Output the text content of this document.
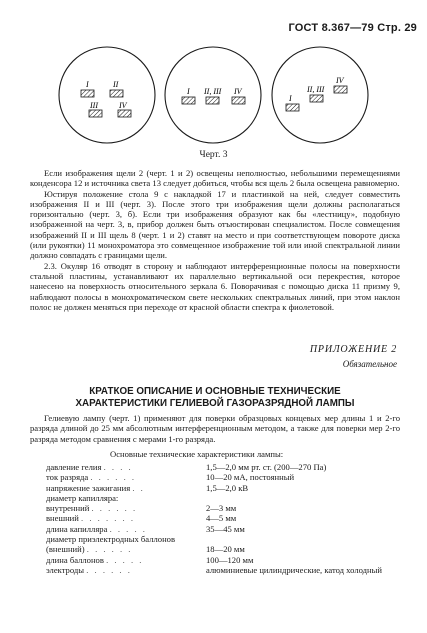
ГОСТ 8.367—79 Стр. 29
I	II
III	IV
I II, III IV
I
II, III
IV
Черт. 3

Если изображения щели 2 (черт. 1 и 2) освещены неполностью, небольшими перемещениями конденсора 12 и источника света 13 следует добиться, чтобы вся щель 2 была освещена равномерно.

Юстируя положение стола 9 с накладкой 17 и пластинкой на ней, следует совместить изображения II и III (черт. 3). После этого три изображения щели должны располагаться горизонтально (черт. 3, б). Если три изображения образуют как бы «лестницу», подобную изображенной на черт. 3, в, прибор должен быть отъюстирован специалистом. После совмещения изображений II и III щель 8 (черт. 1 и 2) ставят на место и при соответствующем повороте диска (или рукоятки) 11 монохроматора это совмещенное изображение той или иной спектральной линии должно совпадать с границами щели.

2.3. Окуляр 16 отводят в сторону и наблюдают интерференционные полосы на поверхности стальной пластины, устанавливают их параллельно вертикальной оси перекрестия, которое нанесено на поверхность относительного зеркала 6. Поворачивая с помощью диска 11 призму 9, наблюдают полосы в монохроматическом свете нескольких спектральных линий, при этом наклон полос не должен меняться при переходе от красной области спектра к фиолетовой.

ПРИЛОЖЕНИЕ 2
Обязательное
КРАТКОЕ ОПИСАНИЕ И ОСНОВНЫЕ ТЕХНИЧЕСКИЕ
ХАРАКТЕРИСТИКИ ГЕЛИЕВОЙ ГАЗОРАЗРЯДНОЙ ЛАМПЫ

Гелиевую лампу (черт. 1) применяют для поверки образцовых концевых мер длины 1 и 2-го разряда длиной до 25 мм абсолютным интерференционным методом, а также для поверки мер 2-го разряда методом сравнения с мерами 1-го разряда.

Основные технические характеристики лампы:
давление гелия . . . .	1,5—2,0 мм рт. ст. (200—270 Па)
ток разряда . . . . . .	10—20 мА, постоянный
напряжение зажигания . .	1,5—2,0 кВ
диаметр капилляра:	
внутренний . . . . . .	2—3 мм
внешний . . . . . . .	4—5 мм
длина капилляра . . . . .	35—45 мм
диаметр приэлектродных баллонов	
(внешний) . . . . . .	18—20 мм
длина баллонов . . . . .	100—120 мм
электроды . . . . . .	алюминиевые цилиндрические, катод холодный
